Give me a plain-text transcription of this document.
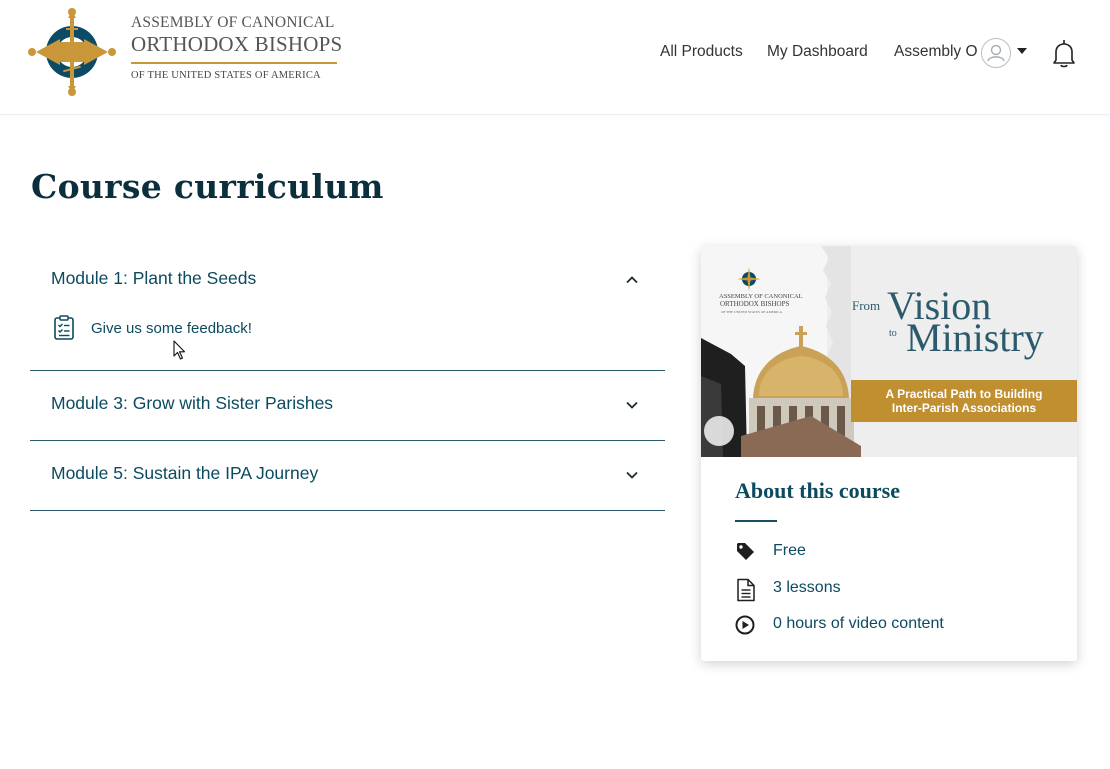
ASSEMBLY OF CANONICAL
ORTHODOX BISHOPS
OF THE UNITED STATES OF AMERICA
All Products My Dashboard Assembly O
Course curriculum
Module 1: Plant the Seeds
Give us some feedback!
Module 3: Grow with Sister Parishes
Module 5: Sustain the IPA Journey
ASSEMBLY OF CANONICAL
ORTHODOX BISHOPS
OF THE UNITED STATES OF AMERICA	From Vision
to Ministry
A Practical Path to Building
Inter-Parish Associations
About this course
Free
3 lessons
0 hours of video content
